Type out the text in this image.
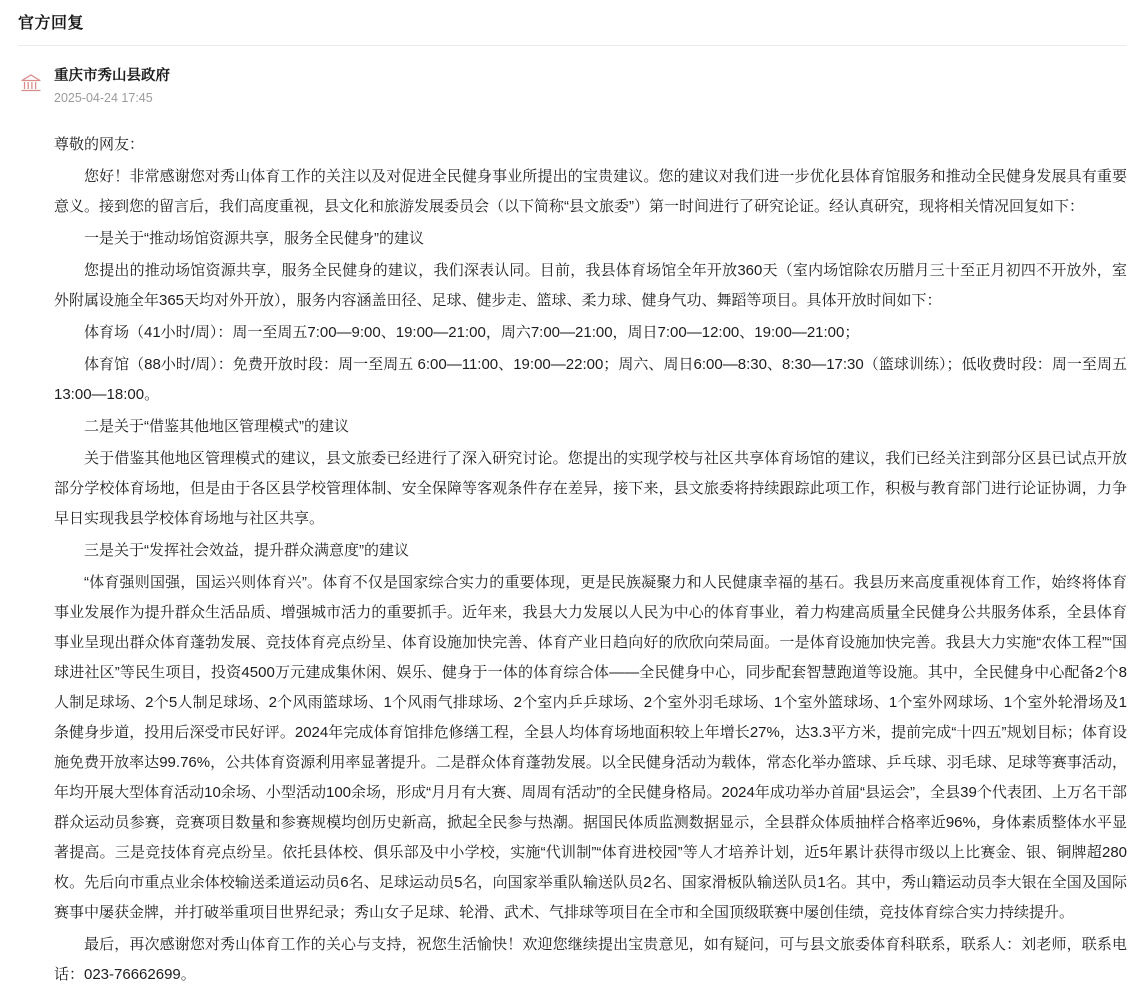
官方回复
重庆市秀山县政府
2025-04-24 17:45

尊敬的网友：

您好！非常感谢您对秀山体育工作的关注以及对促进全民健身事业所提出的宝贵建议。您的建议对我们进一步优化县体育馆服务和推动全民健身发展具有重要意义。接到您的留言后，我们高度重视，县文化和旅游发展委员会（以下简称“县文旅委”）第一时间进行了研究论证。经认真研究，现将相关情况回复如下：

一是关于“推动场馆资源共享，服务全民健身”的建议

您提出的推动场馆资源共享，服务全民健身的建议，我们深表认同。目前，我县体育场馆全年开放360天（室内场馆除农历腊月三十至正月初四不开放外，室外附属设施全年365天均对外开放），服务内容涵盖田径、足球、健步走、篮球、柔力球、健身气功、舞蹈等项目。具体开放时间如下：

体育场（41小时/周）：周一至周五7:00—9:00、19:00—21:00，周六7:00—21:00，周日7:00—12:00、19:00—21:00；

体育馆（88小时/周）：免费开放时段：周一至周五 6:00—11:00、19:00—22:00；周六、周日6:00—8:30、8:30—17:30（篮球训练）；低收费时段：周一至周五13:00—18:00。

二是关于“借鉴其他地区管理模式”的建议

关于借鉴其他地区管理模式的建议，县文旅委已经进行了深入研究讨论。您提出的实现学校与社区共享体育场馆的建议，我们已经关注到部分区县已试点开放部分学校体育场地，但是由于各区县学校管理体制、安全保障等客观条件存在差异，接下来，县文旅委将持续跟踪此项工作，积极与教育部门进行论证协调，力争早日实现我县学校体育场地与社区共享。

三是关于“发挥社会效益，提升群众满意度”的建议

“体育强则国强，国运兴则体育兴”。体育不仅是国家综合实力的重要体现，更是民族凝聚力和人民健康幸福的基石。我县历来高度重视体育工作，始终将体育事业发展作为提升群众生活品质、增强城市活力的重要抓手。近年来，我县大力发展以人民为中心的体育事业，着力构建高质量全民健身公共服务体系，全县体育事业呈现出群众体育蓬勃发展、竞技体育亮点纷呈、体育设施加快完善、体育产业日趋向好的欣欣向荣局面。一是体育设施加快完善。我县大力实施“农体工程”“国球进社区”等民生项目，投资4500万元建成集休闲、娱乐、健身于一体的体育综合体——全民健身中心，同步配套智慧跑道等设施。其中，全民健身中心配备2个8人制足球场、2个5人制足球场、2个风雨篮球场、1个风雨气排球场、2个室内乒乒球场、2个室外羽毛球场、1个室外篮球场、1个室外网球场、1个室外轮滑场及1条健身步道，投用后深受市民好评。2024年完成体育馆排危修缮工程，全县人均体育场地面积较上年增长27%，达3.3平方米，提前完成“十四五”规划目标；体育设施免费开放率达99.76%，公共体育资源利用率显著提升。二是群众体育蓬勃发展。以全民健身活动为载体，常态化举办篮球、乒乓球、羽毛球、足球等赛事活动，年均开展大型体育活动10余场、小型活动100余场，形成“月月有大赛、周周有活动”的全民健身格局。2024年成功举办首届“县运会”，全县39个代表团、上万名干部群众运动员参赛，竞赛项目数量和参赛规模均创历史新高，掀起全民参与热潮。据国民体质监测数据显示，全县群众体质抽样合格率近96%，身体素质整体水平显著提高。三是竞技体育亮点纷呈。依托县体校、俱乐部及中小学校，实施“代训制”“体育进校园”等人才培养计划，近5年累计获得市级以上比赛金、银、铜牌超280枚。先后向市重点业余体校输送柔道运动员6名、足球运动员5名，向国家举重队输送队员2名、国家滑板队输送队员1名。其中，秀山籍运动员李大银在全国及国际赛事中屡获金牌，并打破举重项目世界纪录；秀山女子足球、轮滑、武术、气排球等项目在全市和全国顶级联赛中屡创佳绩，竞技体育综合实力持续提升。

最后，再次感谢您对秀山体育工作的关心与支持，祝您生活愉快！欢迎您继续提出宝贵意见，如有疑问，可与县文旅委体育科联系，联系人：刘老师，联系电话：023-76662699。
